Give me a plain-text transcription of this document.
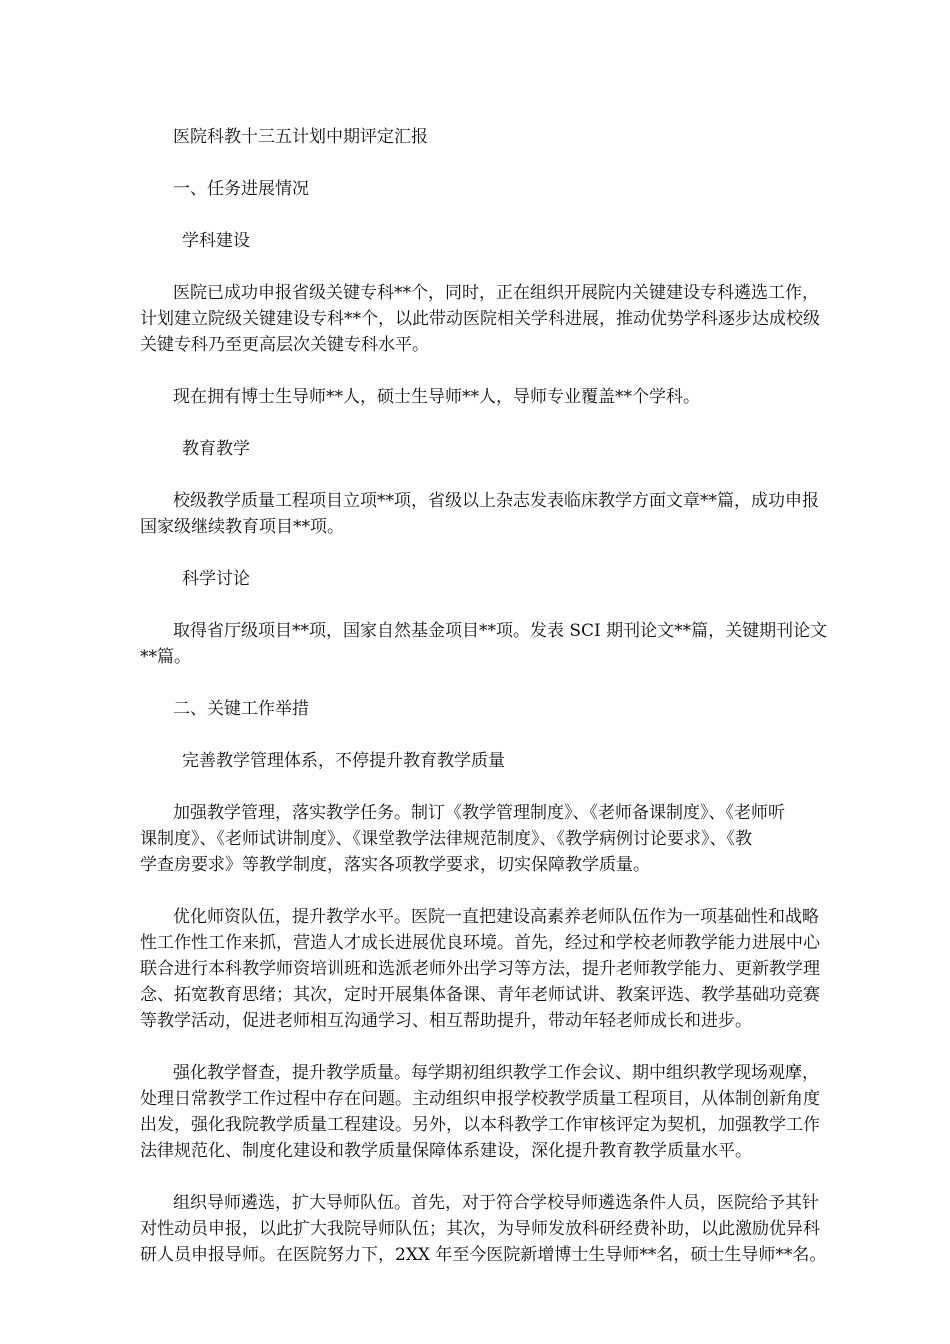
医院科教十三五计划中期评定汇报

一、任务进展情况

学科建设

医院已成功申报省级关键专科**个，同时，正在组织开展院内关键建设专科遴选工作，

计划建立院级关键建设专科**个，以此带动医院相关学科进展，推动优势学科逐步达成校级

关键专科乃至更高层次关键专科水平。

现在拥有博士生导师**人，硕士生导师**人，导师专业覆盖**个学科。

教育教学

校级教学质量工程项目立项**项，省级以上杂志发表临床教学方面文章**篇，成功申报

国家级继续教育项目**项。

科学讨论

取得省厅级项目**项，国家自然基金项目**项。发表 SCI 期刊论文**篇，关键期刊论文

**篇。

二、关键工作举措

完善教学管理体系，不停提升教育教学质量

加强教学管理，落实教学任务。制订《教学管理制度》、《老师备课制度》、《老师听

课制度》、《老师试讲制度》、《课堂教学法律规范制度》、《教学病例讨论要求》、《教

学查房要求》等教学制度，落实各项教学要求，切实保障教学质量。

优化师资队伍，提升教学水平。医院一直把建设高素养老师队伍作为一项基础性和战略

性工作性工作来抓，营造人才成长进展优良环境。首先，经过和学校老师教学能力进展中心

联合进行本科教学师资培训班和选派老师外出学习等方法，提升老师教学能力、更新教学理

念、拓宽教育思绪；其次，定时开展集体备课、青年老师试讲、教案评选、教学基础功竞赛

等教学活动，促进老师相互沟通学习、相互帮助提升，带动年轻老师成长和进步。

强化教学督查，提升教学质量。每学期初组织教学工作会议、期中组织教学现场观摩，

处理日常教学工作过程中存在问题。主动组织申报学校教学质量工程项目，从体制创新角度

出发，强化我院教学质量工程建设。另外，以本科教学工作审核评定为契机，加强教学工作

法律规范化、制度化建设和教学质量保障体系建设，深化提升教育教学质量水平。

组织导师遴选，扩大导师队伍。首先，对于符合学校导师遴选条件人员，医院给予其针

对性动员申报，以此扩大我院导师队伍；其次，为导师发放科研经费补助，以此激励优异科

研人员申报导师。在医院努力下，2XX 年至今医院新增博士生导师**名，硕士生导师**名。
